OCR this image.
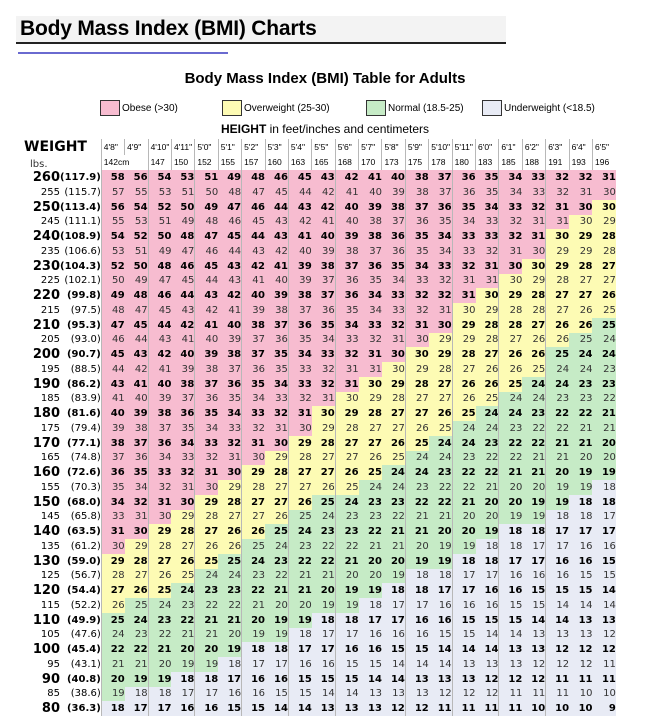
Body Mass Index (BMI) Charts
Body Mass Index (BMI) Table for Adults
Obese (>30)	Overweight (25-30)	Normal (18.5-25)	Underweight (<18.5)
HEIGHT in feet/inches and centimeters
WEIGHT
lbs.		4'8"	4'9"	4'10"	4'11"	5'0"	5'1"	5'2"	5'3"	5'4"	5'5"	5'6"	5'7"	5'8"	5'9"	5'10"	5'11"	6'0"	6'1"	6'2"	6'3"	6'4"	6'5"
		142cm		147	150	152	155	157	160	163	165	168	170	173	175	178	180	183	185	188	191	193	196
260	(117.9)	58	56	54	53	51	49	48	46	45	43	42	41	40	38	37	36	35	34	33	32	32	31
255	(115.7)	57	55	53	51	50	48	47	45	44	42	41	40	39	38	37	36	35	34	33	32	31	30
250	(113.4)	56	54	52	50	49	47	46	44	43	42	40	39	38	37	36	35	34	33	32	31	30	30
245	(111.1)	55	53	51	49	48	46	45	43	42	41	40	38	37	36	35	34	33	32	31	31	30	29
240	(108.9)	54	52	50	48	47	45	44	43	41	40	39	38	36	35	34	33	33	32	31	30	29	28
235	(106.6)	53	51	49	47	46	44	43	42	40	39	38	37	36	35	34	33	32	31	30	29	29	28
230	(104.3)	52	50	48	46	45	43	42	41	39	38	37	36	35	34	33	32	31	30	30	29	28	27
225	(102.1)	50	49	47	45	44	43	41	40	39	37	36	35	34	33	32	31	31	30	29	28	27	27
220	(99.8)	49	48	46	44	43	42	40	39	38	37	36	34	33	32	32	31	30	29	28	27	27	26
215	(97.5)	48	47	45	43	42	41	39	38	37	36	35	34	33	32	31	30	29	28	28	27	26	25
210	(95.3)	47	45	44	42	41	40	38	37	36	35	34	33	32	31	30	29	28	28	27	26	26	25
205	(93.0)	46	44	43	41	40	39	37	36	35	34	33	32	31	30	29	29	28	27	26	26	25	24
200	(90.7)	45	43	42	40	39	38	37	35	34	33	32	31	30	30	29	28	27	26	26	25	24	24
195	(88.5)	44	42	41	39	38	37	36	35	33	32	31	31	30	29	28	27	26	26	25	24	24	23
190	(86.2)	43	41	40	38	37	36	35	34	33	32	31	30	29	28	27	26	26	25	24	24	23	23
185	(83.9)	41	40	39	37	36	35	34	33	32	31	30	29	28	27	27	26	25	24	24	23	23	22
180	(81.6)	40	39	38	36	35	34	33	32	31	30	29	28	27	27	26	25	24	24	23	22	22	21
175	(79.4)	39	38	37	35	34	33	32	31	30	29	28	27	27	26	25	24	24	23	22	22	21	21
170	(77.1)	38	37	36	34	33	32	31	30	29	28	27	27	26	25	24	24	23	22	22	21	21	20
165	(74.8)	37	36	34	33	32	31	30	29	28	27	27	26	25	24	24	23	22	22	21	21	20	20
160	(72.6)	36	35	33	32	31	30	29	28	27	27	26	25	24	24	23	22	22	21	21	20	19	19
155	(70.3)	35	34	32	31	30	29	28	27	27	26	25	24	24	23	22	22	21	20	20	19	19	18
150	(68.0)	34	32	31	30	29	28	27	27	26	25	24	23	23	22	22	21	20	20	19	19	18	18
145	(65.8)	33	31	30	29	28	27	27	26	25	24	23	23	22	21	21	20	20	19	19	18	18	17
140	(63.5)	31	30	29	28	27	26	26	25	24	23	23	22	21	21	20	20	19	18	18	17	17	17
135	(61.2)	30	29	28	27	26	26	25	24	23	22	22	21	21	20	19	19	18	18	17	17	16	16
130	(59.0)	29	28	27	26	25	25	24	23	22	22	21	20	20	19	19	18	18	17	17	16	16	15
125	(56.7)	28	27	26	25	24	24	23	22	21	21	20	20	19	18	18	17	17	16	16	16	15	15
120	(54.4)	27	26	25	24	23	23	22	21	21	20	19	19	18	18	17	17	16	16	15	15	15	14
115	(52.2)	26	25	24	23	22	22	21	20	20	19	19	18	17	17	16	16	16	15	15	14	14	14
110	(49.9)	25	24	23	22	21	21	20	19	19	18	18	17	17	16	16	15	15	15	14	14	13	13
105	(47.6)	24	23	22	21	21	20	19	19	18	17	17	16	16	16	15	15	14	14	13	13	13	12
100	(45.4)	22	22	21	20	20	19	18	18	17	17	16	16	15	15	14	14	14	13	13	12	12	12
95	(43.1)	21	21	20	19	19	18	17	17	16	16	15	15	14	14	14	13	13	13	12	12	12	11
90	(40.8)	20	19	19	18	18	17	16	16	15	15	15	14	14	13	13	13	12	12	12	11	11	11
85	(38.6)	19	18	18	17	17	16	16	15	15	14	14	13	13	13	12	12	12	11	11	11	10	10
80	(36.3)	18	17	17	16	16	15	15	14	14	13	13	13	12	12	11	11	11	11	10	10	10	9
